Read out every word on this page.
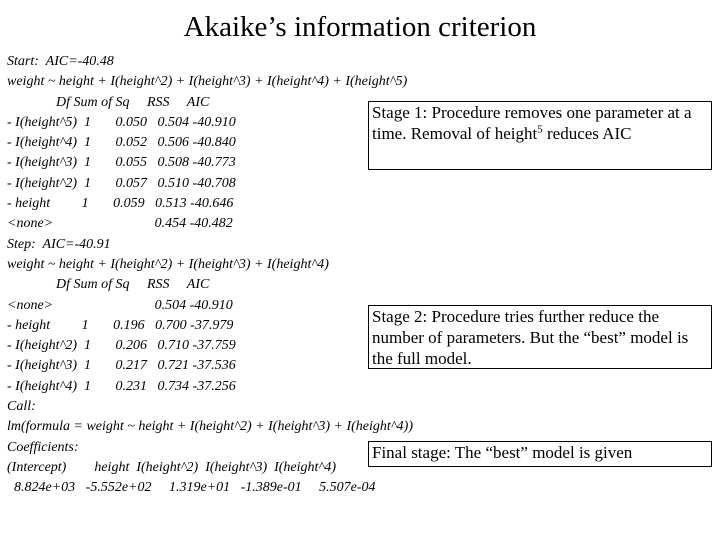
Akaike’s information criterion
Start:  AIC=-40.48
weight ~ height + I(height^2) + I(height^3) + I(height^4) + I(height^5)
Df Sum of Sq     RSS     AIC
- I(height^5)  1       0.050   0.504 -40.910
- I(height^4)  1       0.052   0.506 -40.840
- I(height^3)  1       0.055   0.508 -40.773
- I(height^2)  1       0.057   0.510 -40.708
- height         1       0.059   0.513 -40.646
<none>                             0.454 -40.482
Step:  AIC=-40.91
weight ~ height + I(height^2) + I(height^3) + I(height^4)
Df Sum of Sq     RSS     AIC
<none>                             0.504 -40.910
- height         1       0.196   0.700 -37.979
- I(height^2)  1       0.206   0.710 -37.759
- I(height^3)  1       0.217   0.721 -37.536
- I(height^4)  1       0.231   0.734 -37.256
Call:
lm(formula = weight ~ height + I(height^2) + I(height^3) + I(height^4))
Coefficients:
(Intercept)        height  I(height^2)  I(height^3)  I(height^4)
8.824e+03   -5.552e+02     1.319e+01   -1.389e-01     5.507e-04
Stage 1: Procedure removes one parameter at a time. Removal of height$^5$ reduces AIC
Stage 2: Procedure tries further reduce the number of parameters. But the “best” model is the full model.
Final stage: The “best” model is given
